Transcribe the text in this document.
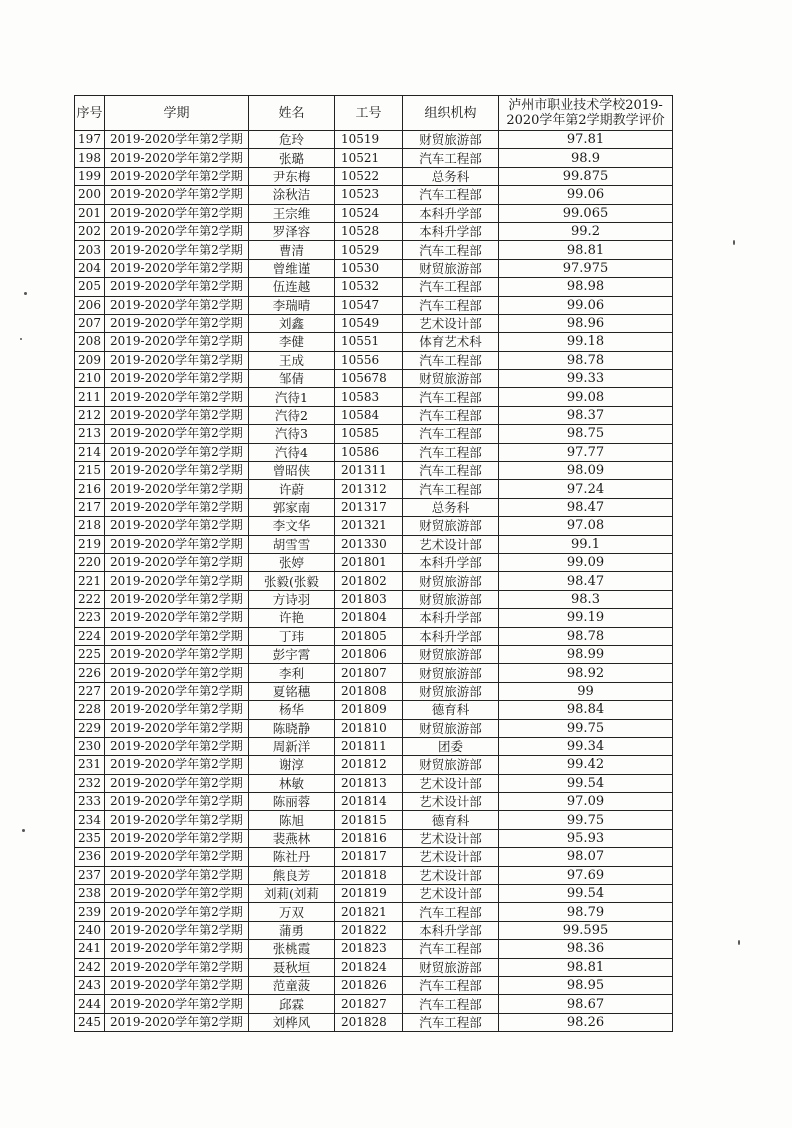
序号	学期	姓名	工号	组织机构	泸州市职业技术学校2019-2020学年第2学期教学评价
197	2019-2020学年第2学期	危玲	10519	财贸旅游部	97.81
198	2019-2020学年第2学期	张璐	10521	汽车工程部	98.9
199	2019-2020学年第2学期	尹东梅	10522	总务科	99.875
200	2019-2020学年第2学期	涂秋洁	10523	汽车工程部	99.06
201	2019-2020学年第2学期	王宗维	10524	本科升学部	99.065
202	2019-2020学年第2学期	罗泽容	10528	本科升学部	99.2
203	2019-2020学年第2学期	曹清	10529	汽车工程部	98.81
204	2019-2020学年第2学期	曾维谨	10530	财贸旅游部	97.975
205	2019-2020学年第2学期	伍连越	10532	汽车工程部	98.98
206	2019-2020学年第2学期	李瑞晴	10547	汽车工程部	99.06
207	2019-2020学年第2学期	刘鑫	10549	艺术设计部	98.96
208	2019-2020学年第2学期	李健	10551	体育艺术科	99.18
209	2019-2020学年第2学期	王成	10556	汽车工程部	98.78
210	2019-2020学年第2学期	邹倩	105678	财贸旅游部	99.33
211	2019-2020学年第2学期	汽待1	10583	汽车工程部	99.08
212	2019-2020学年第2学期	汽待2	10584	汽车工程部	98.37
213	2019-2020学年第2学期	汽待3	10585	汽车工程部	98.75
214	2019-2020学年第2学期	汽待4	10586	汽车工程部	97.77
215	2019-2020学年第2学期	曾昭侠	201311	汽车工程部	98.09
216	2019-2020学年第2学期	许蔚	201312	汽车工程部	97.24
217	2019-2020学年第2学期	郭家南	201317	总务科	98.47
218	2019-2020学年第2学期	李文华	201321	财贸旅游部	97.08
219	2019-2020学年第2学期	胡雪雪	201330	艺术设计部	99.1
220	2019-2020学年第2学期	张婷	201801	本科升学部	99.09
221	2019-2020学年第2学期	张毅(张毅	201802	财贸旅游部	98.47
222	2019-2020学年第2学期	方诗羽	201803	财贸旅游部	98.3
223	2019-2020学年第2学期	许艳	201804	本科升学部	99.19
224	2019-2020学年第2学期	丁玮	201805	本科升学部	98.78
225	2019-2020学年第2学期	彭宇霄	201806	财贸旅游部	98.99
226	2019-2020学年第2学期	李利	201807	财贸旅游部	98.92
227	2019-2020学年第2学期	夏铭穗	201808	财贸旅游部	99
228	2019-2020学年第2学期	杨华	201809	德育科	98.84
229	2019-2020学年第2学期	陈晓静	201810	财贸旅游部	99.75
230	2019-2020学年第2学期	周新洋	201811	团委	99.34
231	2019-2020学年第2学期	谢淳	201812	财贸旅游部	99.42
232	2019-2020学年第2学期	林敏	201813	艺术设计部	99.54
233	2019-2020学年第2学期	陈丽蓉	201814	艺术设计部	97.09
234	2019-2020学年第2学期	陈旭	201815	德育科	99.75
235	2019-2020学年第2学期	裴燕林	201816	艺术设计部	95.93
236	2019-2020学年第2学期	陈社丹	201817	艺术设计部	98.07
237	2019-2020学年第2学期	熊良芳	201818	艺术设计部	97.69
238	2019-2020学年第2学期	刘莉(刘莉	201819	艺术设计部	99.54
239	2019-2020学年第2学期	万双	201821	汽车工程部	98.79
240	2019-2020学年第2学期	蒲勇	201822	本科升学部	99.595
241	2019-2020学年第2学期	张桃霞	201823	汽车工程部	98.36
242	2019-2020学年第2学期	聂秋垣	201824	财贸旅游部	98.81
243	2019-2020学年第2学期	范童菠	201826	汽车工程部	98.95
244	2019-2020学年第2学期	邱霖	201827	汽车工程部	98.67
245	2019-2020学年第2学期	刘桦风	201828	汽车工程部	98.26
